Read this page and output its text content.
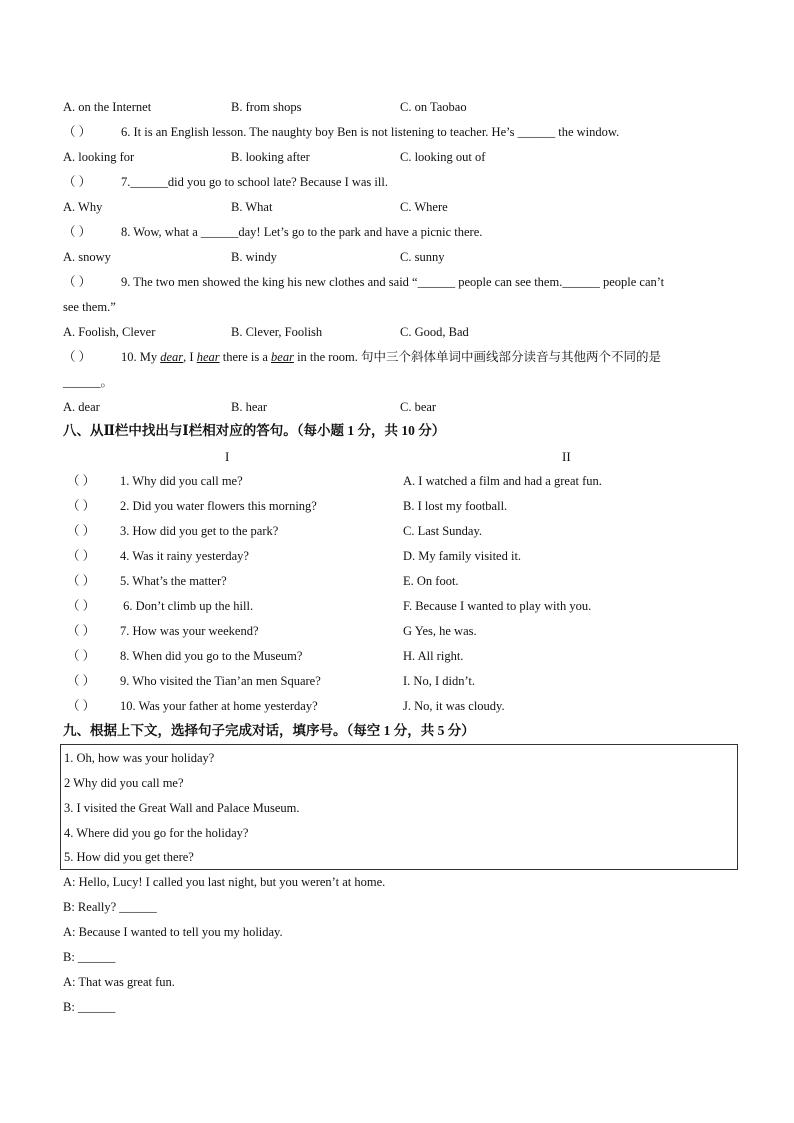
A. on the Internet	B. from shops	C. on Taobao
（ ） 6. It is an English lesson. The naughty boy Ben is not listening to teacher. He’s ______ the window.
A. looking for	B. looking after	C. looking out of
（ ） 7.______did you go to school late? Because I was ill.
A. Why	B. What	C. Where
（ ） 8. Wow, what a ______day! Let’s go to the park and have a picnic there.
A. snowy	B. windy	C. sunny
（ ） 9. The two men showed the king his new clothes and said “______ people can see them.______ people can’t
see them.”
A. Foolish, Clever	B. Clever, Foolish	C. Good, Bad
（ ） 10. My dear, I hear there is a bear in the room. 句中三个斜体单词中画线部分读音与其他两个不同的是
______。
A. dear	B. hear	C. bear
八、从Ⅱ栏中找出与Ⅰ栏相对应的答句。（每小题 1 分，共 10 分）
I	II
（ ） 1. Why did you call me?	A. I watched a film and had a great fun.
（ ） 2. Did you water flowers this morning?	B. I lost my football.
（ ） 3. How did you get to the park?	C. Last Sunday.
（ ） 4. Was it rainy yesterday?	D. My family visited it.
（ ） 5. What’s the matter?	E. On foot.
（ ） 6. Don’t climb up the hill.	F. Because I wanted to play with you.
（ ） 7. How was your weekend?	G Yes, he was.
（ ） 8. When did you go to the Museum?	H. All right.
（ ） 9. Who visited the Tian’an men Square?	I. No, I didn’t.
（ ） 10. Was your father at home yesterday?	J. No, it was cloudy.
九、根据上下文，选择句子完成对话，填序号。（每空 1 分，共 5 分）
1. Oh, how was your holiday?
2 Why did you call me?
3. I visited the Great Wall and Palace Museum.
4. Where did you go for the holiday?
5. How did you get there?
A: Hello, Lucy! I called you last night, but you weren’t at home.
B: Really? ______
A: Because I wanted to tell you my holiday.
B: ______
A: That was great fun.
B: ______
